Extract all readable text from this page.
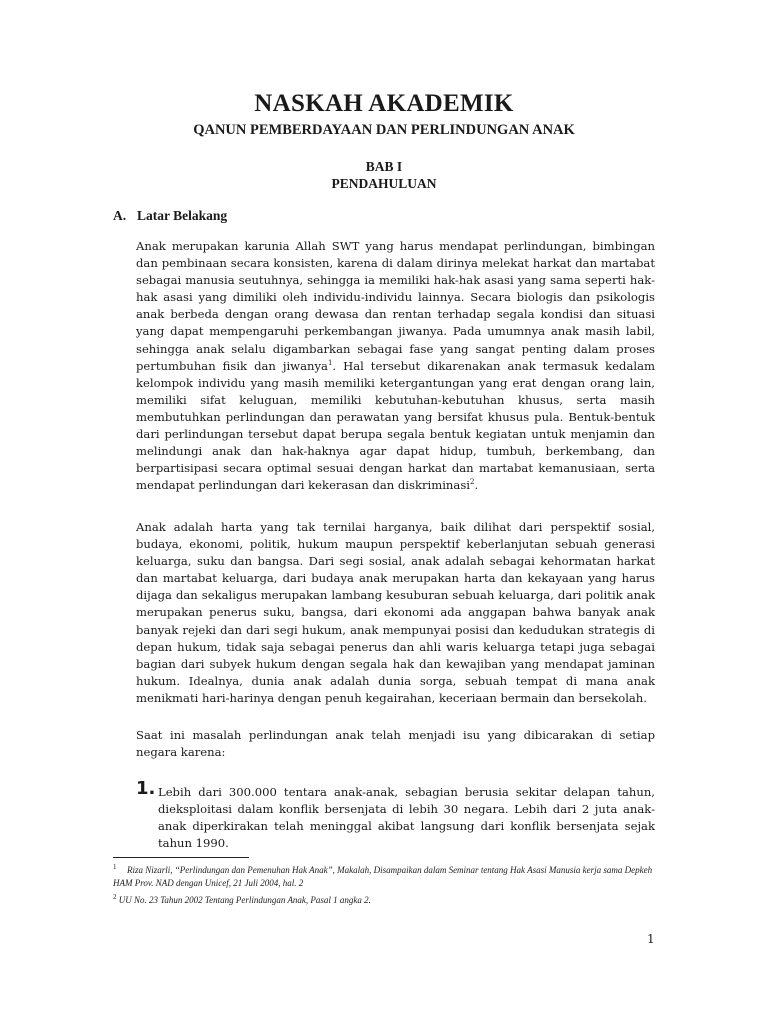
NASKAH AKADEMIK
QANUN PEMBERDAYAAN DAN PERLINDUNGAN ANAK
BAB I
PENDAHULUAN
A. Latar Belakang
Anak merupakan karunia Allah SWT yang harus mendapat perlindungan, bimbingan dan pembinaan secara konsisten, karena di dalam dirinya melekat harkat dan martabat sebagai manusia seutuhnya, sehingga ia memiliki hak-hak asasi yang sama seperti hak-hak asasi yang dimiliki oleh individu-individu lainnya. Secara biologis dan psikologis anak berbeda dengan orang dewasa dan rentan terhadap segala kondisi dan situasi yang dapat mempengaruhi perkembangan jiwanya. Pada umumnya anak masih labil, sehingga anak selalu digambarkan sebagai fase yang sangat penting dalam proses pertumbuhan fisik dan jiwanya$^1$. Hal tersebut dikarenakan anak termasuk kedalam kelompok individu yang masih memiliki ketergantungan yang erat dengan orang lain, memiliki sifat keluguan, memiliki kebutuhan-kebutuhan khusus, serta masih membutuhkan perlindungan dan perawatan yang bersifat khusus pula. Bentuk-bentuk dari perlindungan tersebut dapat berupa segala bentuk kegiatan untuk menjamin dan melindungi anak dan hak-haknya agar dapat hidup, tumbuh, berkembang, dan berpartisipasi secara optimal sesuai dengan harkat dan martabat kemanusiaan, serta mendapat perlindungan dari kekerasan dan diskriminasi$^2$.
Anak adalah harta yang tak ternilai harganya, baik dilihat dari perspektif sosial, budaya, ekonomi, politik, hukum maupun perspektif keberlanjutan sebuah generasi keluarga, suku dan bangsa. Dari segi sosial, anak adalah sebagai kehormatan harkat dan martabat keluarga, dari budaya anak merupakan harta dan kekayaan yang harus dijaga dan sekaligus merupakan lambang kesuburan sebuah keluarga, dari politik anak merupakan penerus suku, bangsa, dari ekonomi ada anggapan bahwa banyak anak banyak rejeki dan dari segi hukum, anak mempunyai posisi dan kedudukan strategis di depan hukum, tidak saja sebagai penerus dan ahli waris keluarga tetapi juga sebagai bagian dari subyek hukum dengan segala hak dan kewajiban yang mendapat jaminan hukum. Idealnya, dunia anak adalah dunia sorga, sebuah tempat di mana anak menikmati hari-harinya dengan penuh kegairahan, keceriaan bermain dan bersekolah.
Saat ini masalah perlindungan anak telah menjadi isu yang dibicarakan di setiap negara karena:
1. Lebih dari 300.000 tentara anak-anak, sebagian berusia sekitar delapan tahun, dieksploitasi dalam konflik bersenjata di lebih 30 negara. Lebih dari 2 juta anak-anak diperkirakan telah meninggal akibat langsung dari konflik bersenjata sejak tahun 1990.
$^1$ Riza Nizarli, “Perlindungan dan Pemenuhan Hak Anak”, Makalah, Disampaikan dalam Seminar tentang Hak Asasi Manusia kerja sama Depkeh HAM Prov. NAD dengan Unicef, 21 Juli 2004, hal. 2
$^2$ UU No. 23 Tahun 2002 Tentang Perlindungan Anak, Pasal 1 angka 2.
1
